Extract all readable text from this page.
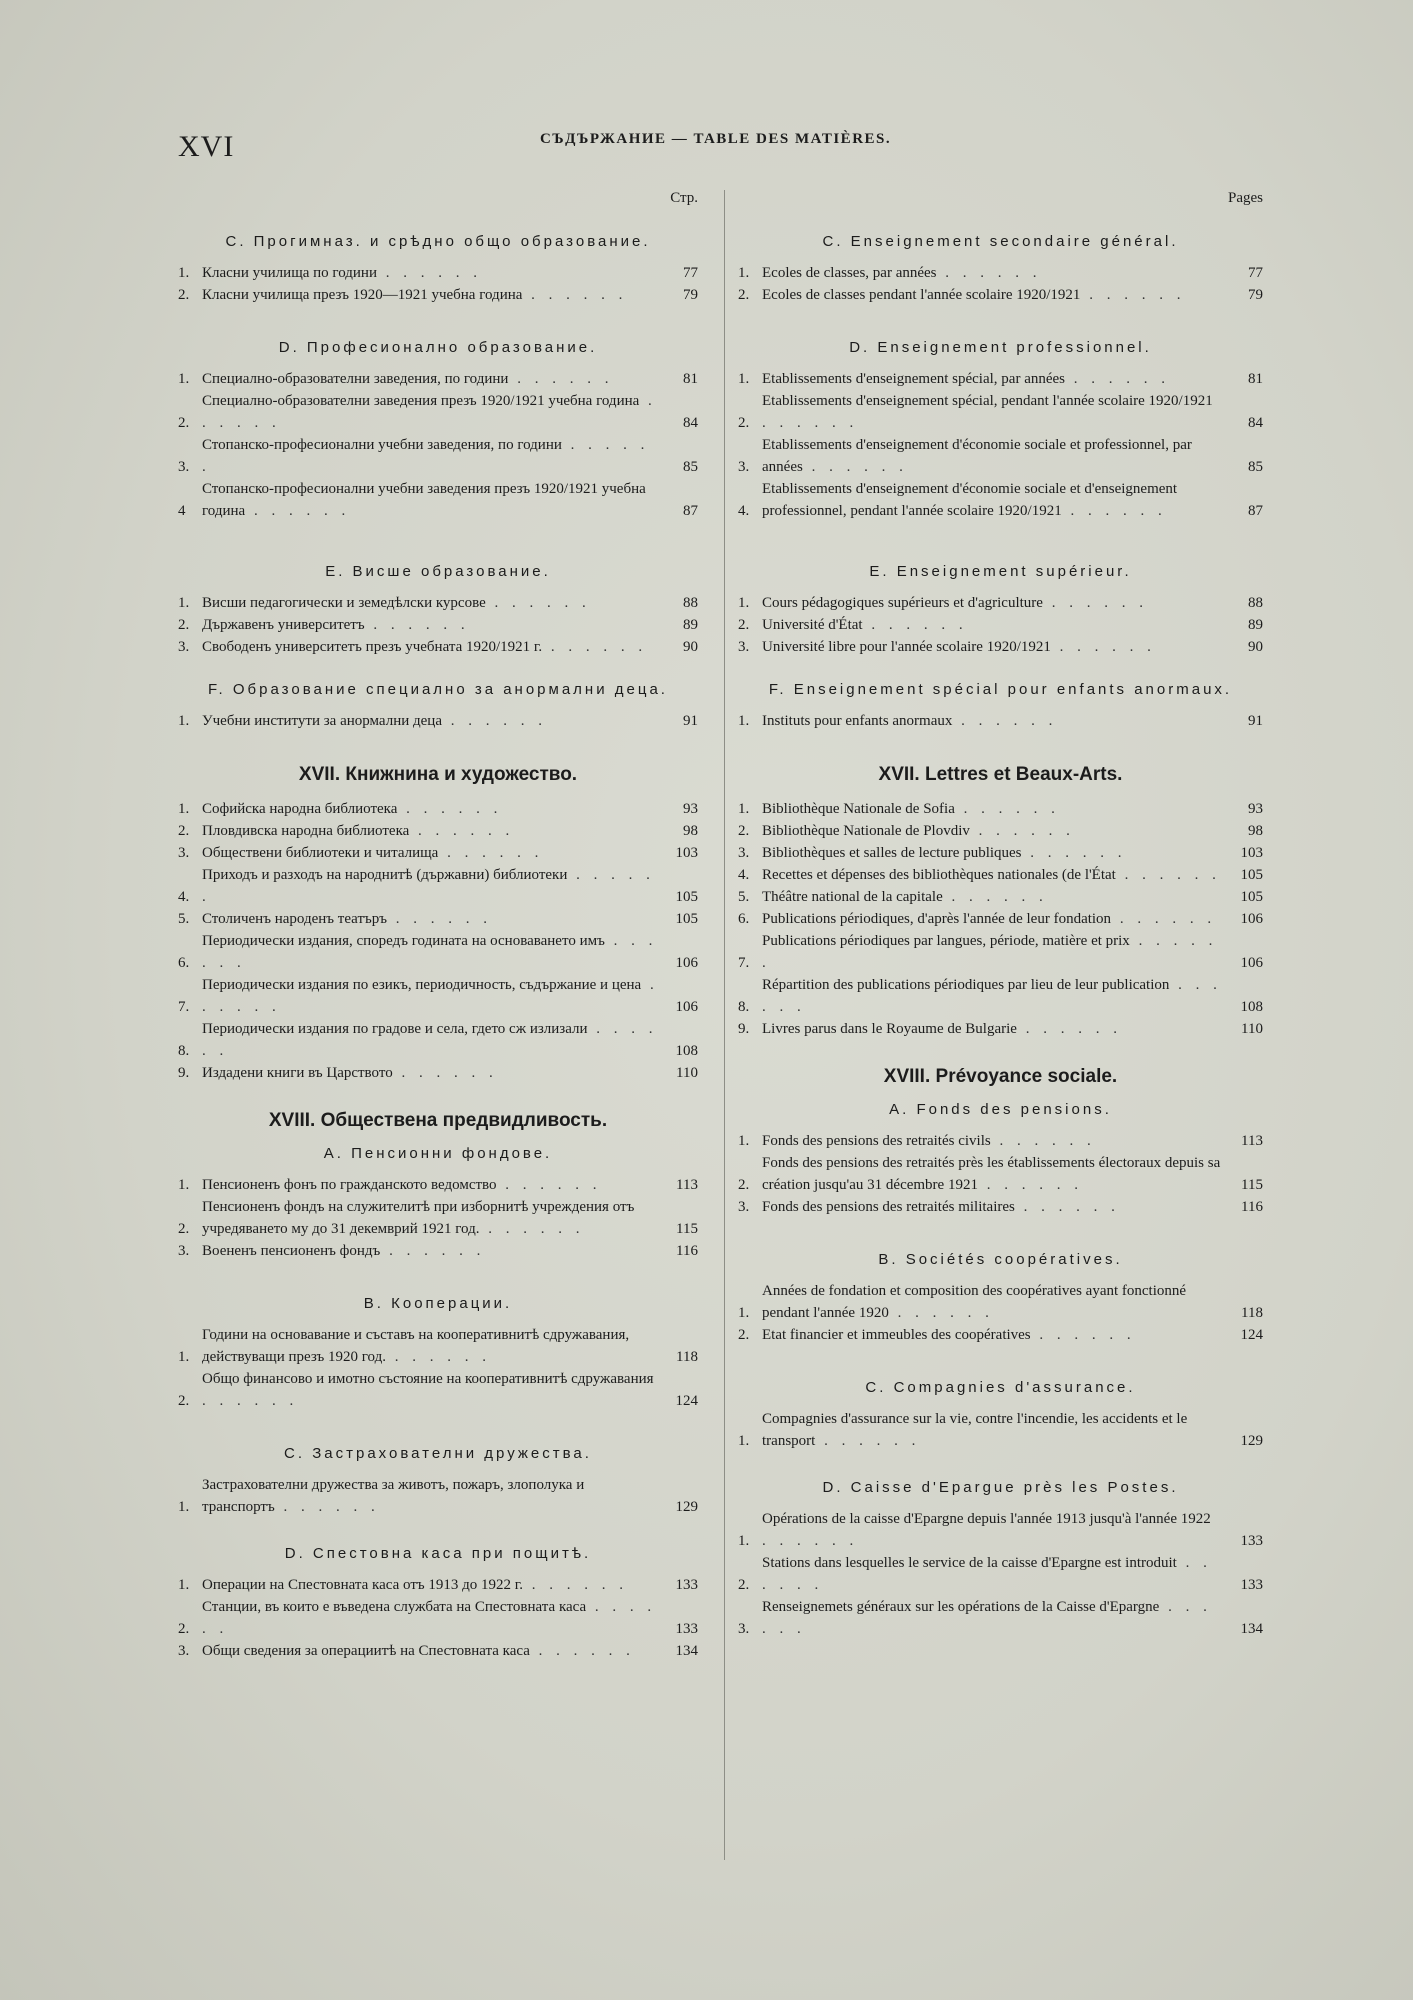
XVI	СЪДЪРЖАНИЕ — TABLE DES MATIÈRES.
Стр.
C. Прогимназ. и срѣдно общо образование.
1. Класни училища по години . . . . . .	77
2. Класни училища презъ 1920—1921 учебна година . . . . . .	79
D. Професионално образование.
1. Специално-образователни заведения, по години . . . . . .	81
2.
Специално-образователни заведения презъ 1920/1921 учебна година . . . . . .	84
3.
Стопанско-професионални учебни заведения, по години . . . . . .	85
4
Стопанско-професионални учебни заведения презъ 1920/1921 учебна година . . . . . .	87
E. Висше образование.
1. Висши педагогически и земедѣлски курсове . . . . . .	88
2. Държавенъ университетъ . . . . . .	89
3. Свободенъ университетъ презъ учебната 1920/1921 г. . . . . . .	90
F. Образование специално за анормални деца.
1. Учебни институти за анормални деца . . . . . .	91
XVII. Книжнина и художество.
1. Софийска народна библиотека . . . . . .	93
2. Пловдивска народна библиотека . . . . . .	98
3. Обществени библиотеки и читалища . . . . . .	103
4.
Приходъ и разходъ на народнитѣ (държавни) библиотеки . . . . . .	105
5. Столиченъ народенъ театъръ . . . . . .	105
6.
Периодически издания, споредъ годината на основаването имъ . . . . . .	106
7.
Периодически издания по езикъ, периодичность, съдържание и цена . . . . . .	106
8.
Периодически издания по градове и села, гдето сж излизали . . . . . .	108
9. Издадени книги въ Царството . . . . . .	110
XVIII. Обществена предвидливость.
A. Пенсионни фондове.
1. Пенсионенъ фонъ по гражданското ведомство . . . . . .	113
2.
Пенсионенъ фондъ на служителитѣ при изборнитѣ учреждения отъ учредяването му до 31 декемврий 1921 год. . . . . . .	115
3. Воененъ пенсионенъ фондъ . . . . . .	116
B. Кооперации.
1.
Години на основавание и съставъ на кооперативнитѣ сдружавания, действуващи презъ 1920 год. . . . . . .	118
2.
Общо финансово и имотно състояние на кооперативнитѣ сдружавания . . . . . .	124
C. Застрахователни дружества.
1.
Застрахователни дружества за животъ, пожаръ, злополука и транспортъ . . . . . .	129
D. Спестовна каса при пощитѣ.
1. Операции на Спестовната каса отъ 1913 до 1922 г. . . . . . .	133
2.
Станции, въ които е въведена службата на Спестовната каса . . . . . .	133
3. Общи сведения за операциитѣ на Спестовната каса . . . . . .	134
Pages
C. Enseignement secondaire général.
1. Ecoles de classes, par années . . . . . .	77
2. Ecoles de classes pendant l'année scolaire 1920/1921 . . . . . .	79
D. Enseignement professionnel.
1. Etablissements d'enseignement spécial, par années . . . . . .	81
2.
Etablissements d'enseignement spécial, pendant l'année scolaire 1920/1921 . . . . . .	84
3.
Etablissements d'enseignement d'économie sociale et professionnel, par années . . . . . .	85
4.
Etablissements d'enseignement d'économie sociale et d'enseignement professionnel, pendant l'année scolaire 1920/1921 . . . . . .	87
E. Enseignement supérieur.
1. Cours pédagogiques supérieurs et d'agriculture . . . . . .	88
2. Université d'État . . . . . .	89
3. Université libre pour l'année scolaire 1920/1921 . . . . . .	90
F. Enseignement spécial pour enfants anormaux.
1. Instituts pour enfants anormaux . . . . . .	91
XVII. Lettres et Beaux-Arts.
1. Bibliothèque Nationale de Sofia . . . . . .	93
2. Bibliothèque Nationale de Plovdiv . . . . . .	98
3. Bibliothèques et salles de lecture publiques . . . . . .	103
4. Recettes et dépenses des bibliothèques nationales (de l'État . . . . . .	105
5. Théâtre national de la capitale . . . . . .	105
6. Publications périodiques, d'après l'année de leur fondation . . . . . .	106
7.
Publications périodiques par langues, période, matière et prix . . . . . .	106
8.
Répartition des publications périodiques par lieu de leur publication . . . . . .	108
9. Livres parus dans le Royaume de Bulgarie . . . . . .	110
XVIII. Prévoyance sociale.
A. Fonds des pensions.
1. Fonds des pensions des retraités civils . . . . . .	113
2.
Fonds des pensions des retraités près les établissements électoraux depuis sa création jusqu'au 31 décembre 1921 . . . . . .	115
3. Fonds des pensions des retraités militaires . . . . . .	116
B. Sociétés coopératives.
1.
Années de fondation et composition des coopératives ayant fonctionné pendant l'année 1920 . . . . . .	118
2. Etat financier et immeubles des coopératives . . . . . .	124
C. Compagnies d'assurance.
1.
Compagnies d'assurance sur la vie, contre l'incendie, les accidents et le transport . . . . . .	129
D. Caisse d'Epargue près les Postes.
1.
Opérations de la caisse d'Epargne depuis l'année 1913 jusqu'à l'année 1922 . . . . . .	133
2.
Stations dans lesquelles le service de la caisse d'Epargne est introduit . . . . . .	133
3.
Renseignemets généraux sur les opérations de la Caisse d'Epargne . . . . . .	134
